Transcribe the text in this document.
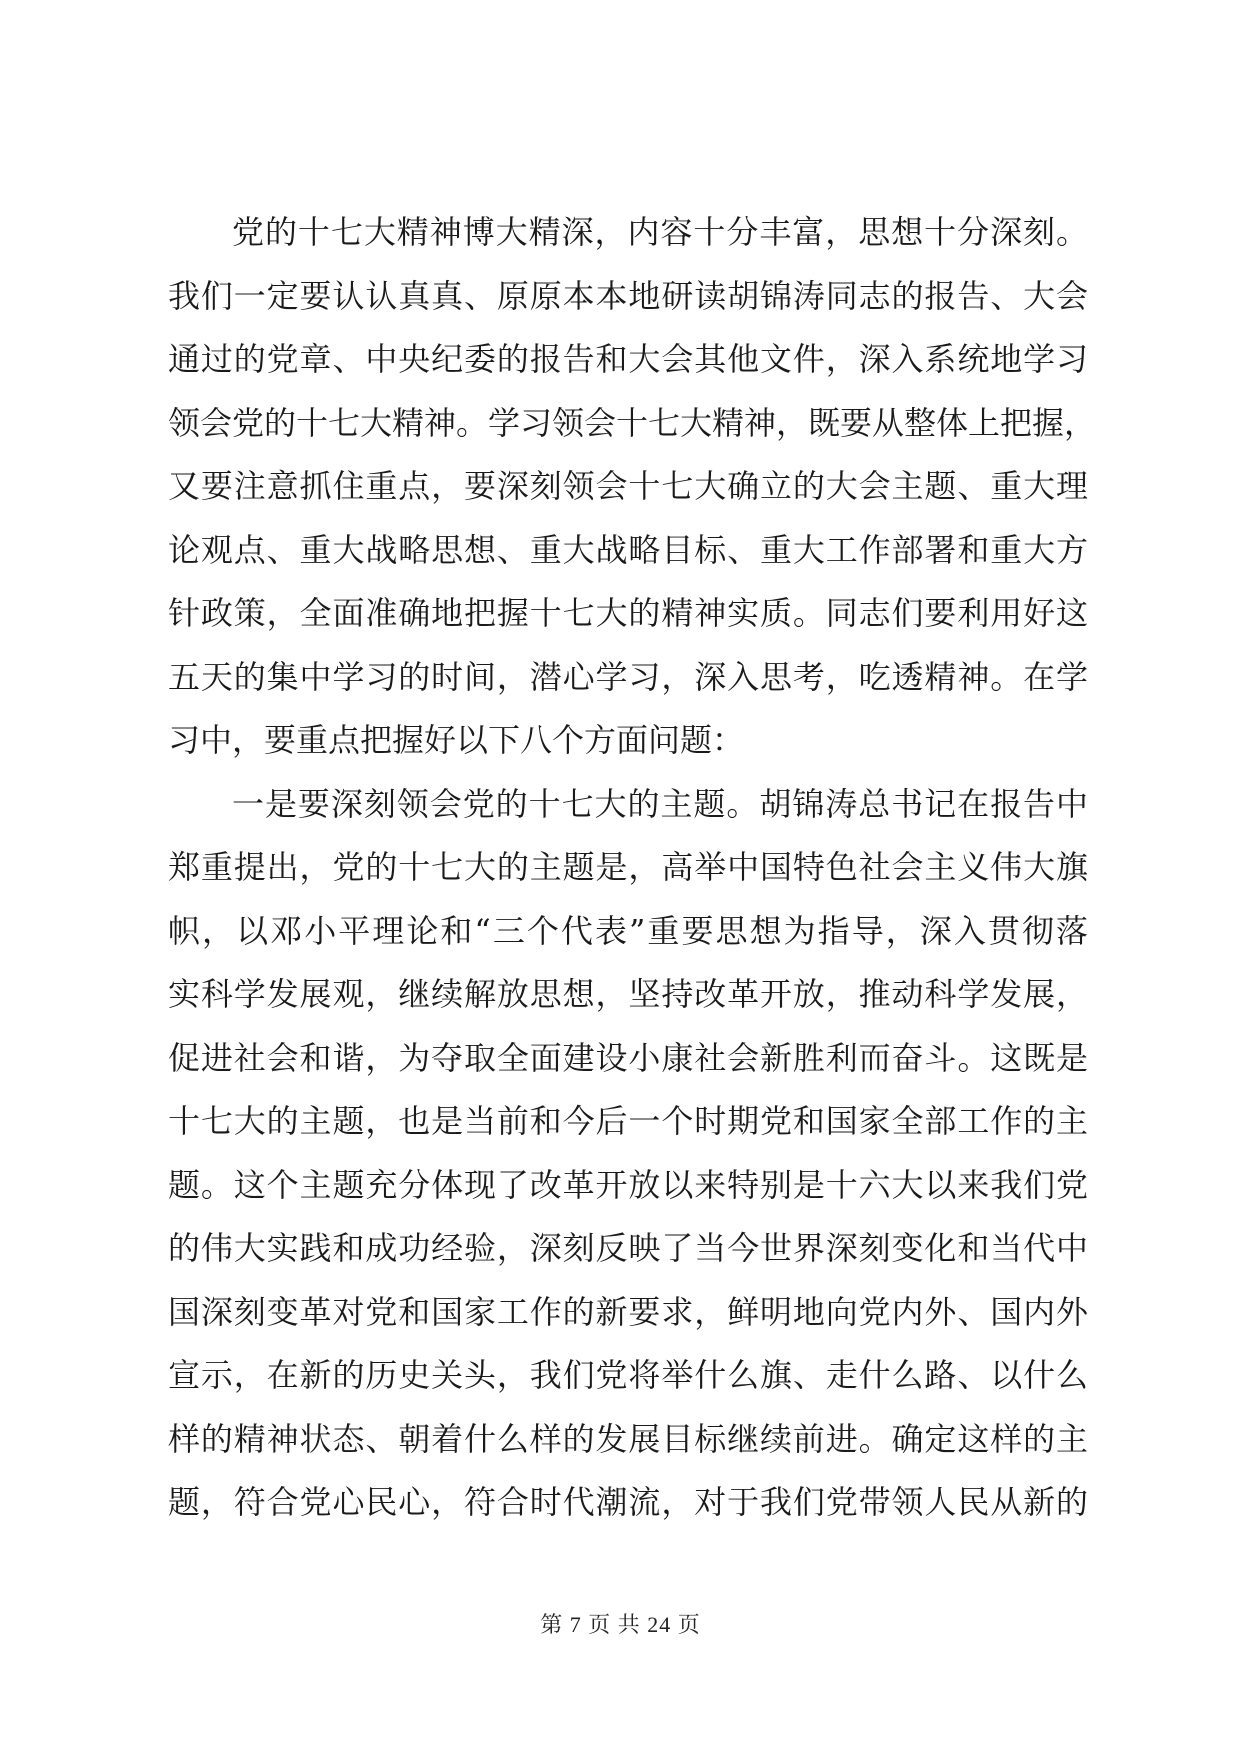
党的十七大精神博大精深，内容十分丰富，思想十分深刻。
我们一定要认认真真、原原本本地研读胡锦涛同志的报告、大会
通过的党章、中央纪委的报告和大会其他文件，深入系统地学习
领会党的十七大精神。学习领会十七大精神，既要从整体上把握，
又要注意抓住重点，要深刻领会十七大确立的大会主题、重大理
论观点、重大战略思想、重大战略目标、重大工作部署和重大方
针政策，全面准确地把握十七大的精神实质。同志们要利用好这
五天的集中学习的时间，潜心学习，深入思考，吃透精神。在学
习中，要重点把握好以下八个方面问题：
一是要深刻领会党的十七大的主题。胡锦涛总书记在报告中
郑重提出，党的十七大的主题是，高举中国特色社会主义伟大旗
帜，以邓小平理论和“三个代表”重要思想为指导，深入贯彻落
实科学发展观，继续解放思想，坚持改革开放，推动科学发展，
促进社会和谐，为夺取全面建设小康社会新胜利而奋斗。这既是
十七大的主题，也是当前和今后一个时期党和国家全部工作的主
题。这个主题充分体现了改革开放以来特别是十六大以来我们党
的伟大实践和成功经验，深刻反映了当今世界深刻变化和当代中
国深刻变革对党和国家工作的新要求，鲜明地向党内外、国内外
宣示，在新的历史关头，我们党将举什么旗、走什么路、以什么
样的精神状态、朝着什么样的发展目标继续前进。确定这样的主
题，符合党心民心，符合时代潮流，对于我们党带领人民从新的
第 7 页 共 24 页
